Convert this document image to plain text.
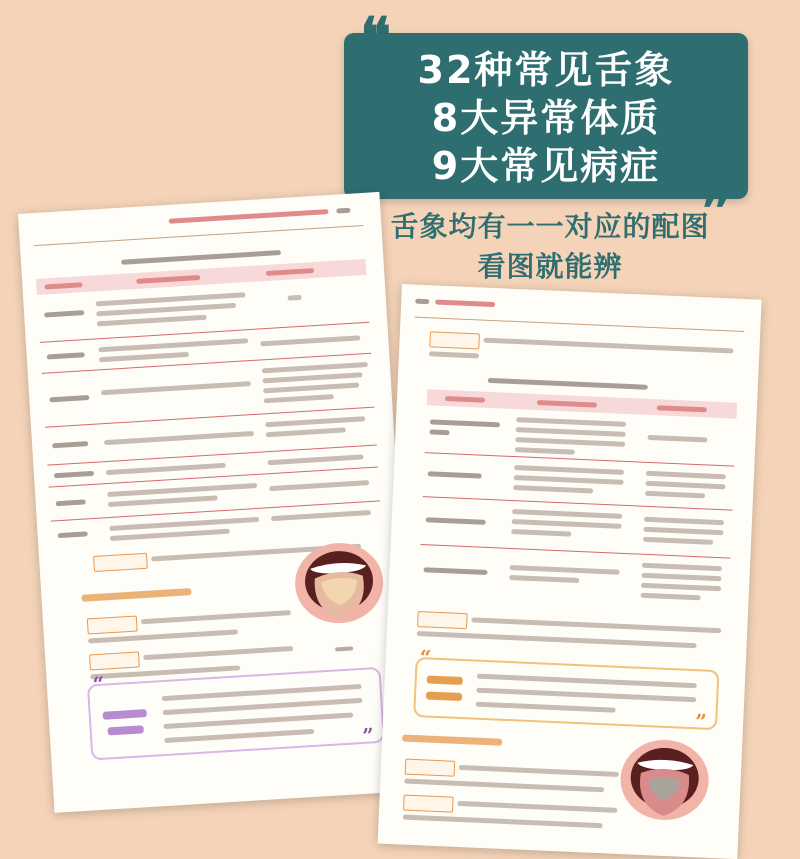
32种常见舌象
8大异常体质
9大常见病症
❞
舌象均有一一对应的配图
看图就能辨
“
”
“
”
